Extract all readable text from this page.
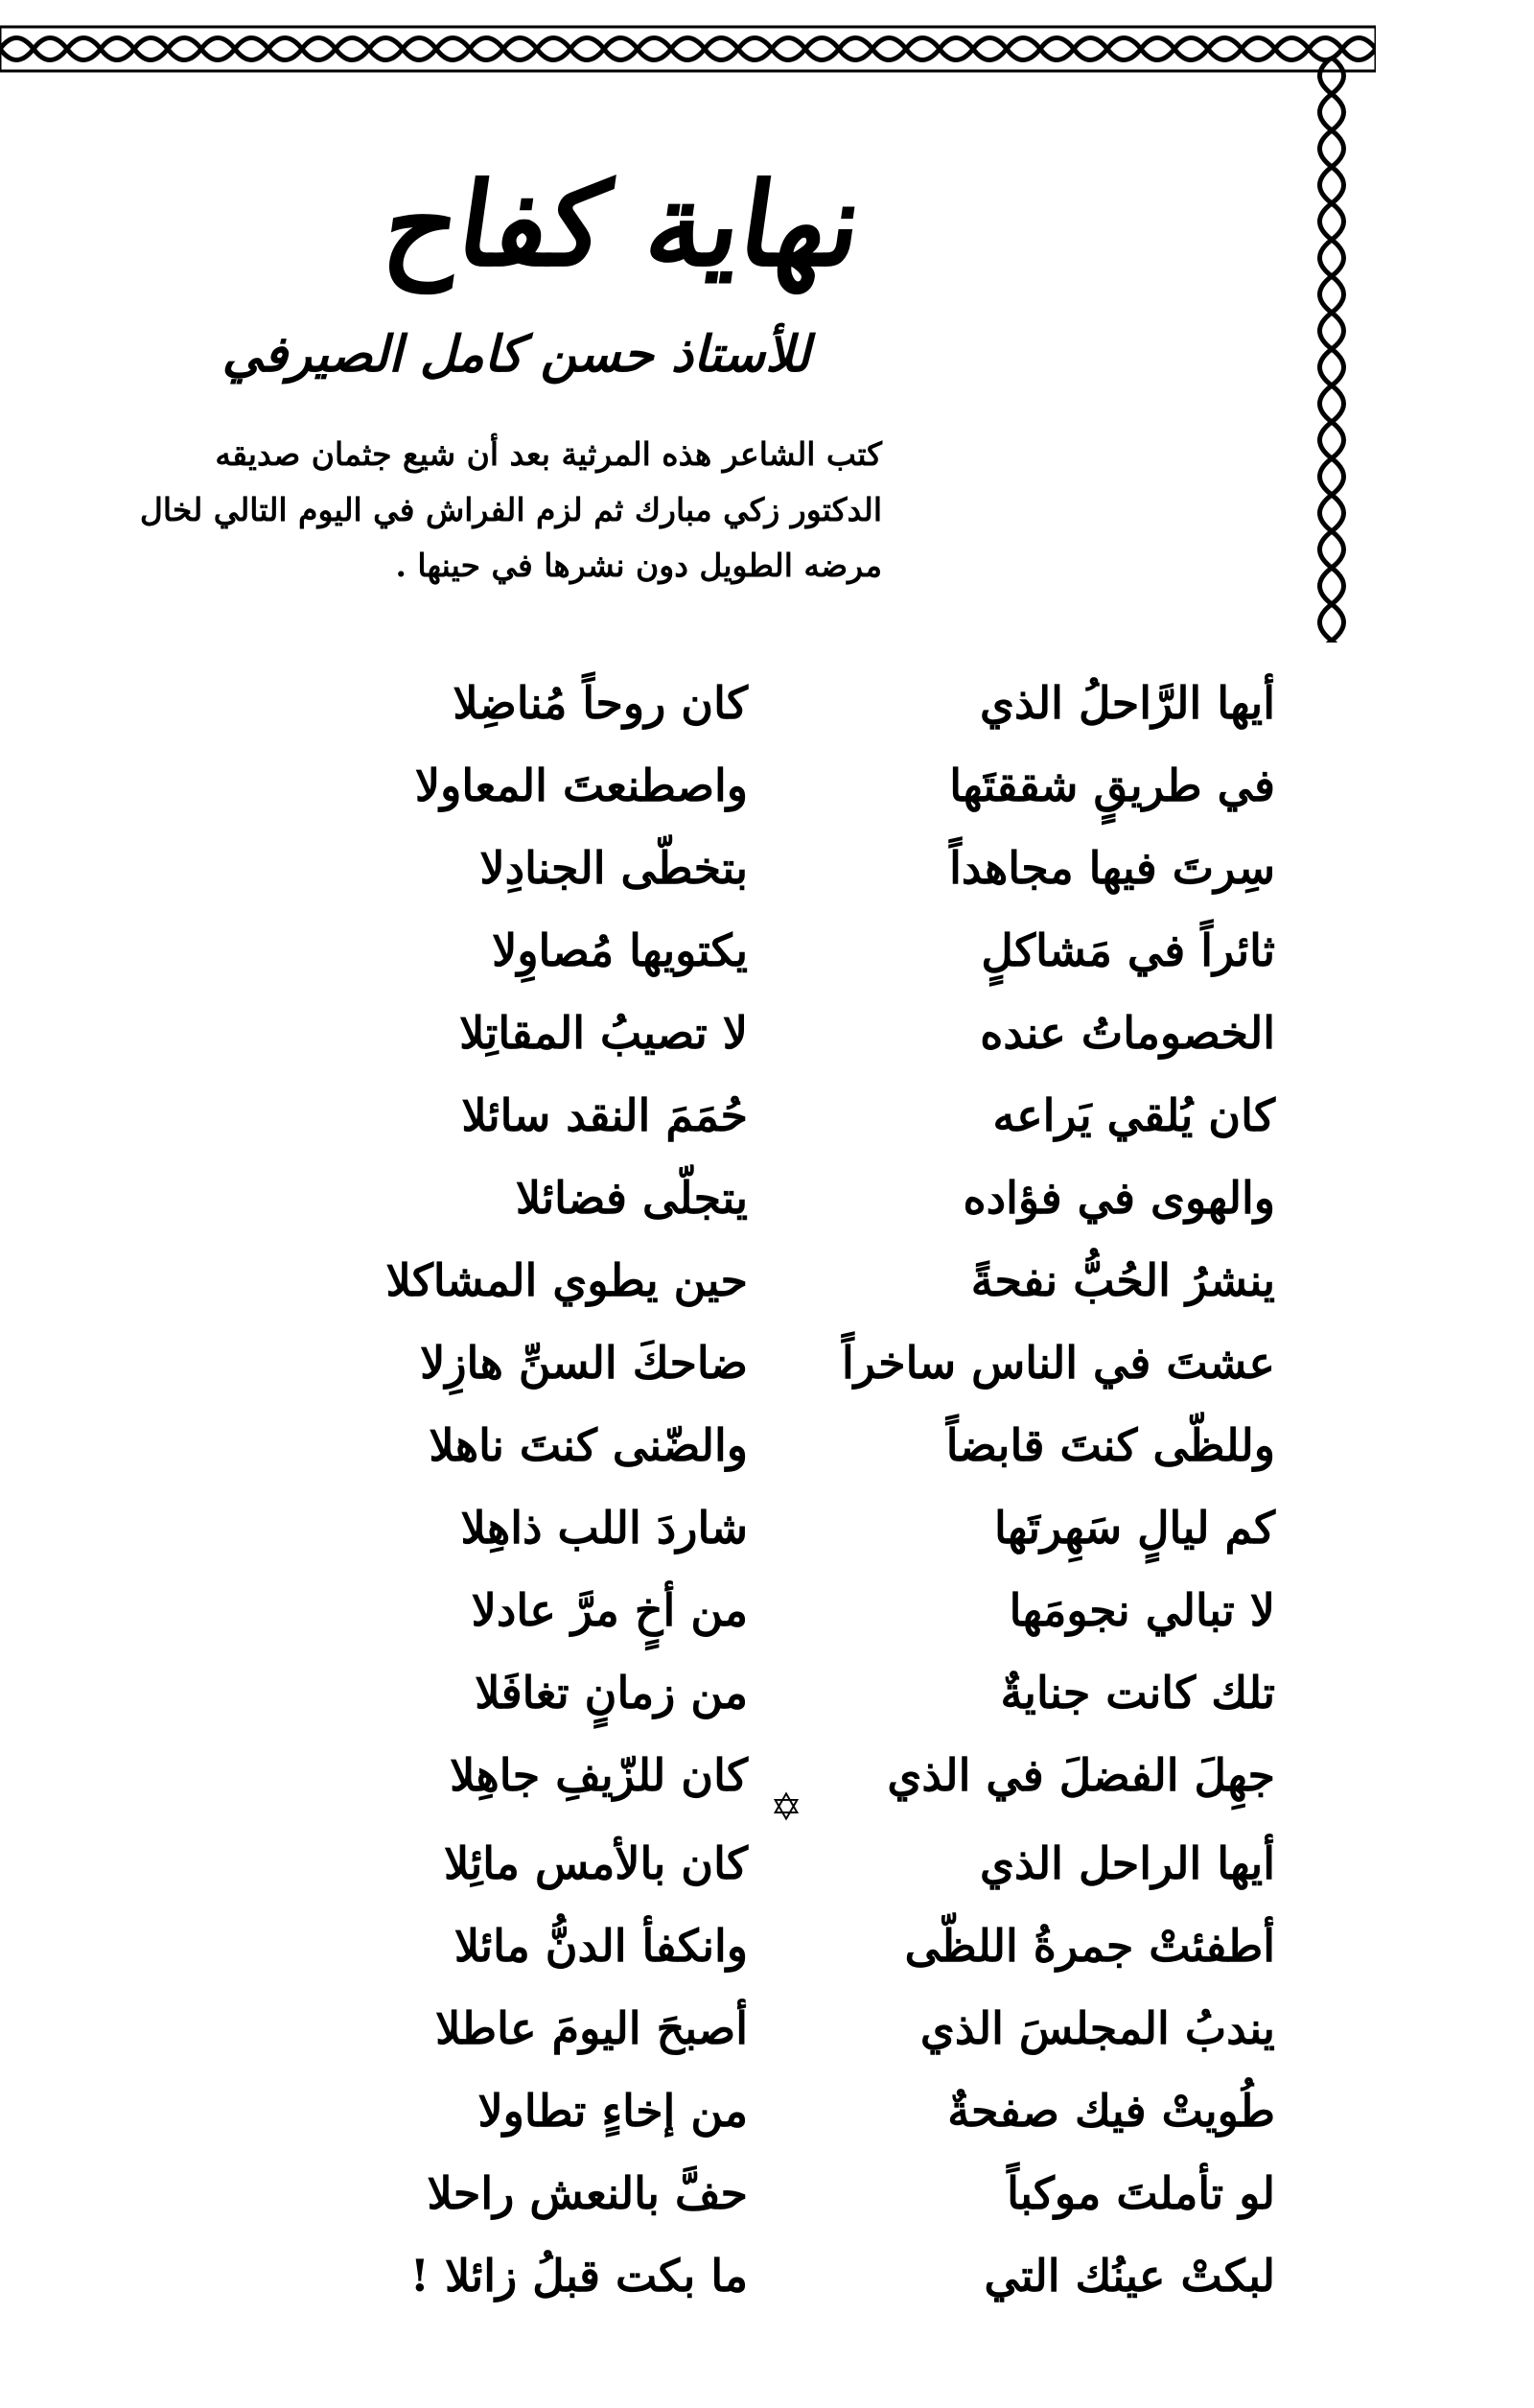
نهاية كفاح
للأستاذ حسن كامل الصيرفي
كتب الشاعر هذه المرثية بعد أن شيع جثمان صديقه
الدكتور زكي مبارك ثم لزم الفراش في اليوم التالي لخال
مرضه الطويل دون نشرها في حينها .
أيها الرَّاحلُ الذي
كان روحاً مُناضِلا
في طريقٍ شققتَها
واصطنعتَ المعاولا
سِرتَ فيها مجاهداً
بتخطّى الجنادِلا
ثائراً في مَشاكلٍ
يكتويها مُصاوِلا
الخصوماتُ عنده
لا تصيبُ المقاتِلا
كان يُلقي يَراعه
حُمَمَ النقد سائلا
والهوى في فؤاده
يتجلّى فضائلا
ينشرُ الحُبُّ نفحةً
حين يطوي المشاكلا
عشتَ في الناس ساخراً
ضاحكَ السنِّ هازِلا
وللظّى كنتَ قابضاً
والضّنى كنتَ ناهلا
كم ليالٍ سَهِرتَها
شاردَ اللب ذاهِلا
لا تبالي نجومَها
من أخٍ مرَّ عادلا
تلك كانت جنايةٌ
من زمانٍ تغافَلا
جهِلَ الفضلَ في الذي
كان للزّيفِ جاهِلا
✡
أيها الراحل الذي
كان بالأمس مائِلا
أطفئتْ جمرةُ اللظّى
وانكفأ الدنُّ مائلا
يندبُ المجلسَ الذي
أصبحَ اليومَ عاطلا
طُويتْ فيك صفحةٌ
من إخاءٍ تطاولا
لو تأملتَ موكباً
حفَّ بالنعش راحلا
لبكتْ عينُك التي
ما بكت قبلُ زائلا !
